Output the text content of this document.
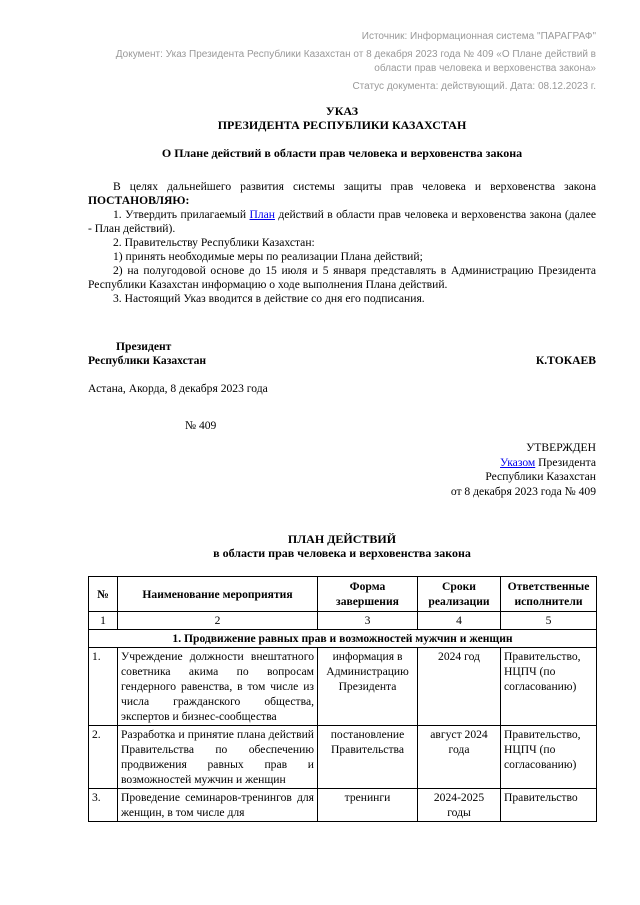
Источник: Информационная система "ПАРАГРАФ"

Документ: Указ Президента Республики Казахстан от 8 декабря 2023 года № 409 «О Плане действий в области прав человека и верховенства закона»

Статус документа: действующий. Дата: 08.12.2023 г.

УКАЗ
ПРЕЗИДЕНТА РЕСПУБЛИКИ КАЗАХСТАН
О Плане действий в области прав человека и верховенства закона

В целях дальнейшего развития системы защиты прав человека и верховенства закона

ПОСТАНОВЛЯЮ:

1. Утвердить прилагаемый План действий в области прав человека и верховенства закона (далее - План действий).

2. Правительству Республики Казахстан:

1) принять необходимые меры по реализации Плана действий;

2) на полугодовой основе до 15 июля и 5 января представлять в Администрацию Президента Республики Казахстан информацию о ходе выполнения Плана действий.

3. Настоящий Указ вводится в действие со дня его подписания.

Президент
Республики Казахстан	К.ТОКАЕВ
Астана, Акорда, 8 декабря 2023 года
№ 409
УТВЕРЖДЕН
Указом Президента
Республики Казахстан
от 8 декабря 2023 года № 409
ПЛАН ДЕЙСТВИЙ
в области прав человека и верховенства закона
№	Наименование мероприятия	Форма завершения	Сроки реализации	Ответственные исполнители
1	2	3	4	5
1. Продвижение равных прав и возможностей мужчин и женщин				
1.	Учреждение должности внештатного советника акима по вопросам гендерного равенства, в том числе из числа гражданского общества, экспертов и бизнес-сообщества	информация в Администрацию Президента	2024 год	Правительство, НЦПЧ (по согласованию)
2.	Разработка и принятие плана действий Правительства по обеспечению продвижения равных прав и возможностей мужчин и женщин	постановление Правительства	август 2024 года	Правительство, НЦПЧ (по согласованию)
3.	Проведение семинаров-тренингов для женщин, в том числе для	тренинги	2024-2025 годы	Правительство
